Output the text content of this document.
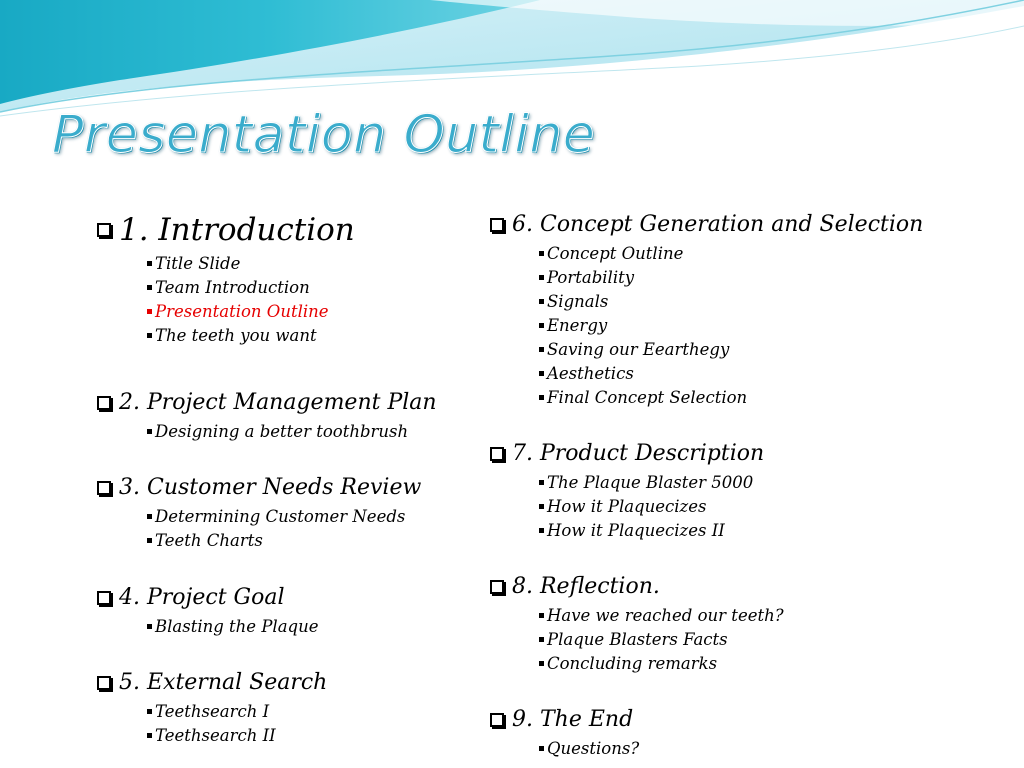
Presentation Outline
1. Introduction
Title Slide
Team Introduction
Presentation Outline
The teeth you want
2. Project Management Plan
Designing a better toothbrush
3. Customer Needs Review
Determining Customer Needs
Teeth Charts
4. Project Goal
Blasting the Plaque
5. External Search
Teethsearch I
Teethsearch II
6. Concept Generation and Selection
Concept Outline
Portability
Signals
Energy
Saving our Eearthegy
Aesthetics
Final Concept Selection
7. Product Description
The Plaque Blaster 5000
How it Plaquecizes
How it Plaquecizes II
8. Reflection.
Have we reached our teeth?
Plaque Blasters Facts
Concluding remarks
9. The End
Questions?
